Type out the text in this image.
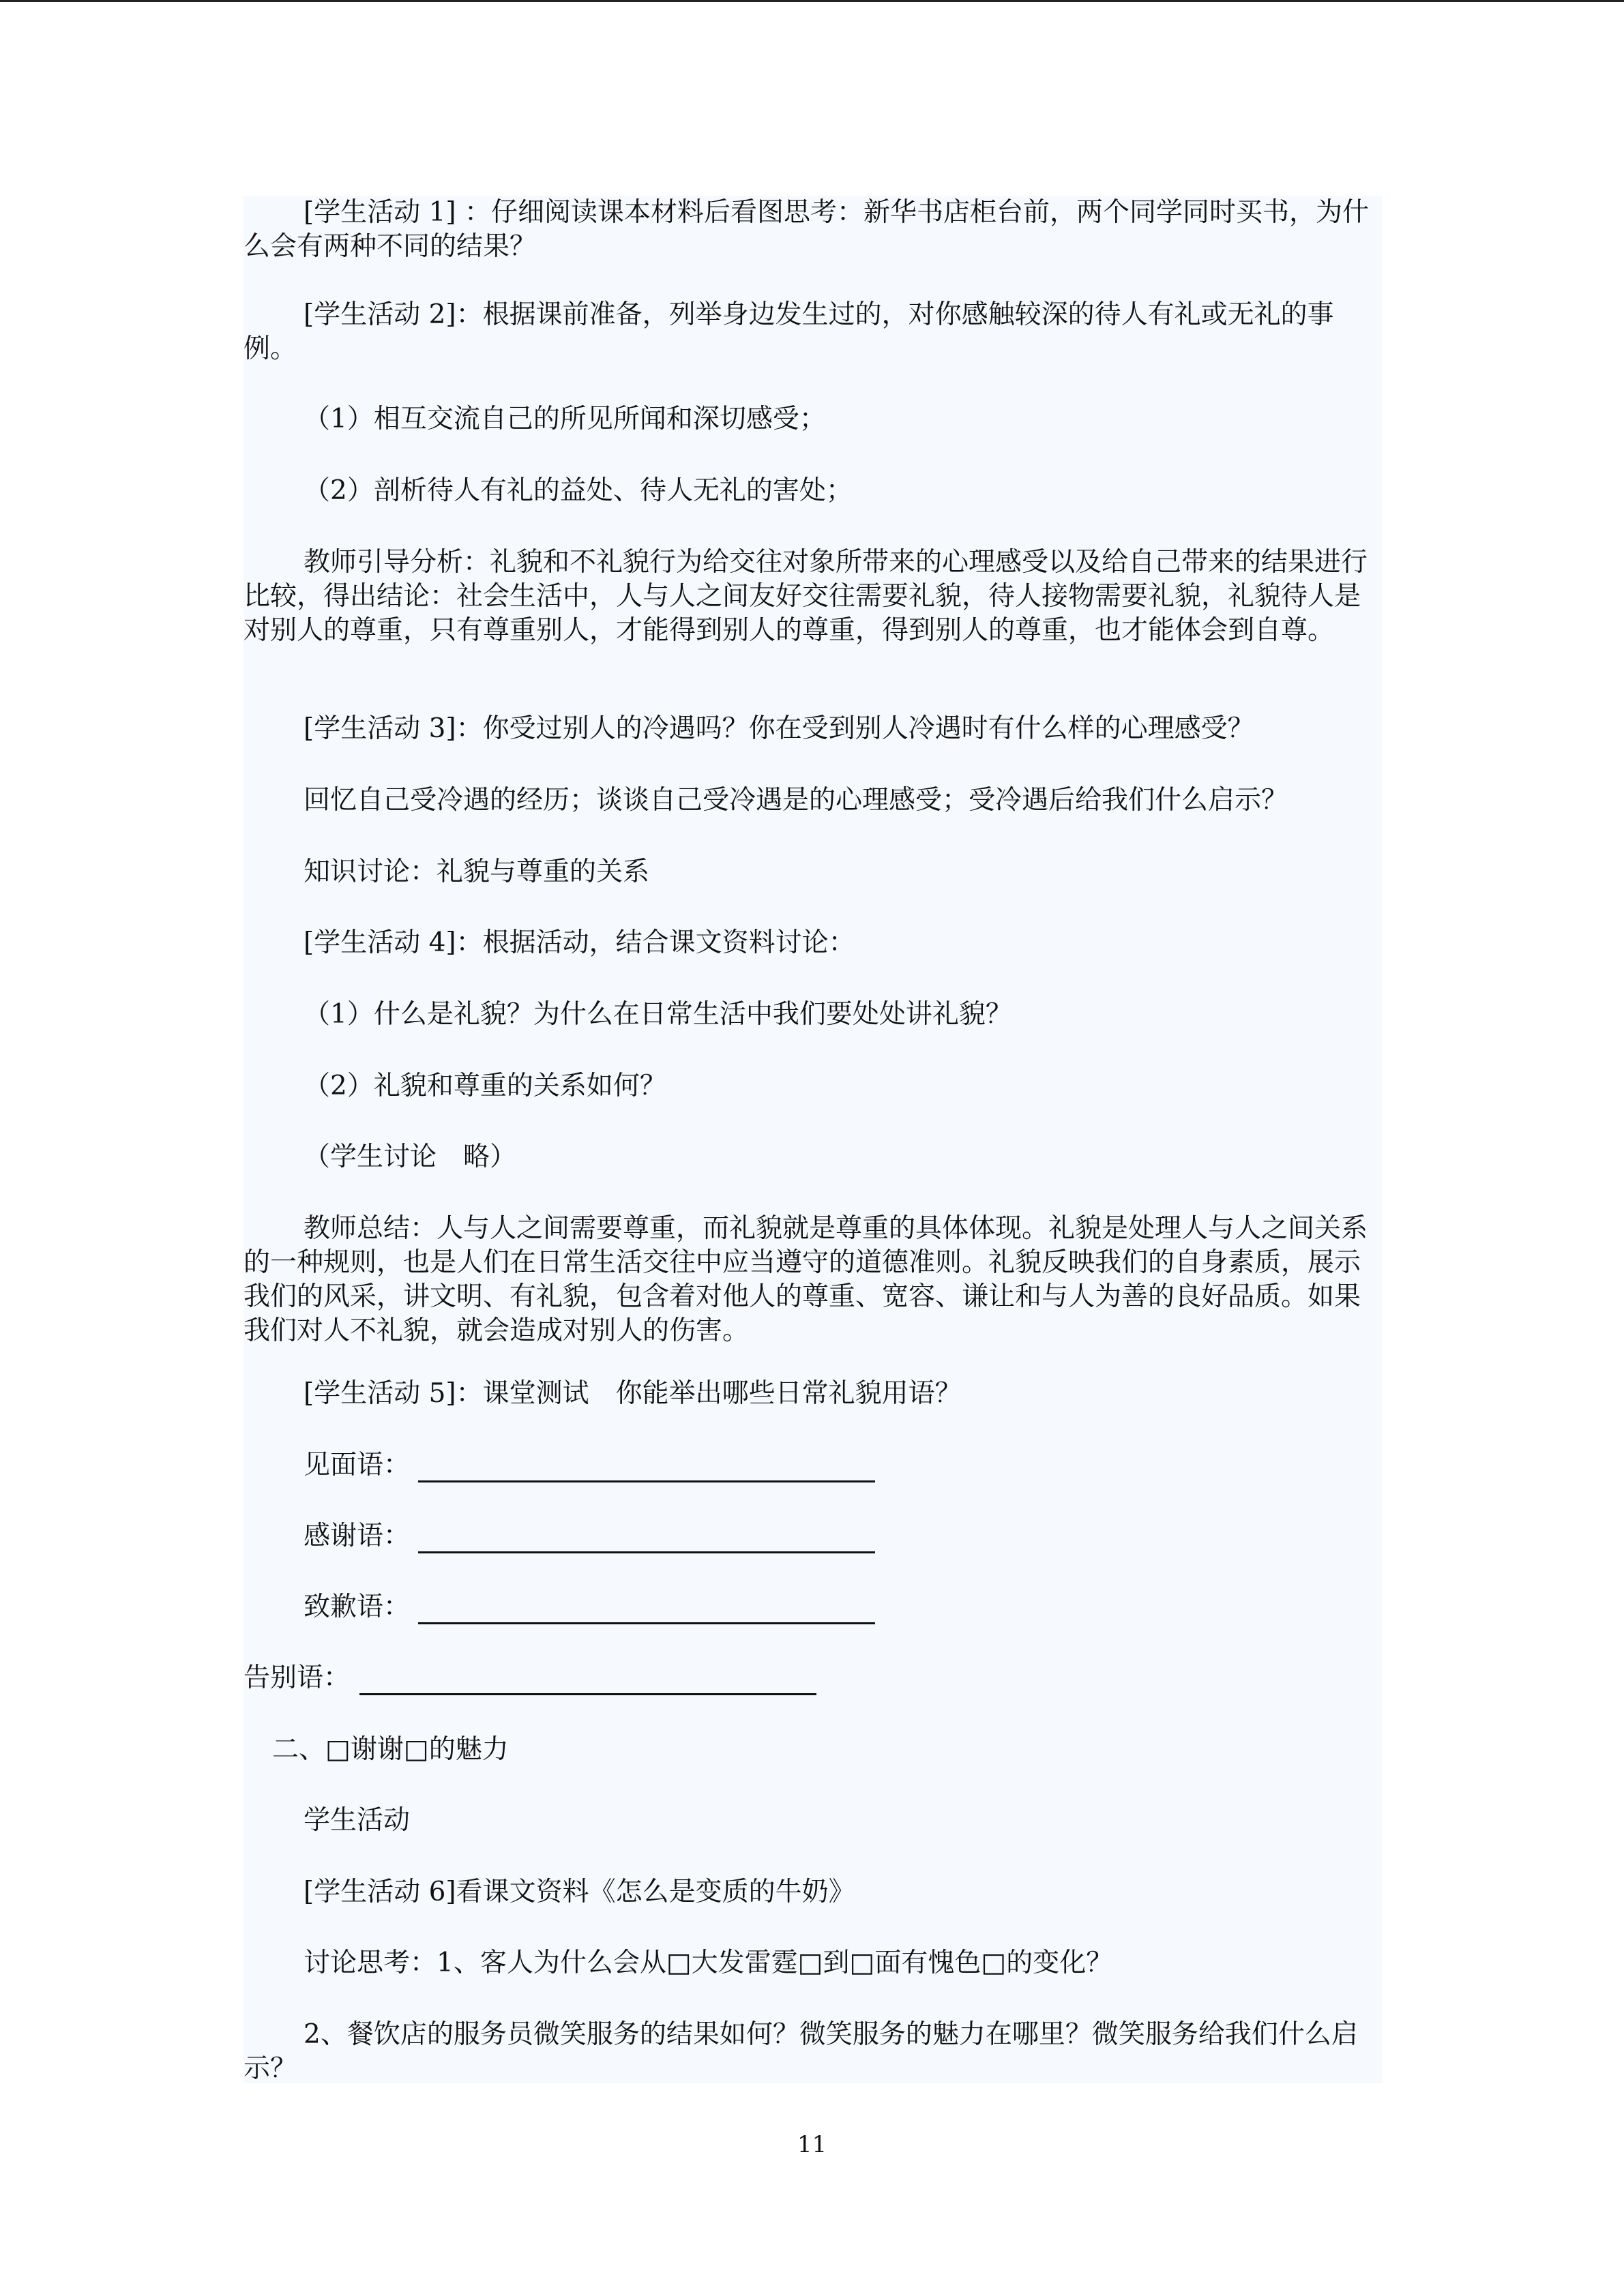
[学生活动 1] ：仔细阅读课本材料后看图思考：新华书店柜台前，两个同学同时买书，为什么会有两种不同的结果？

[学生活动 2]：根据课前准备，列举身边发生过的，对你感触较深的待人有礼或无礼的事例。

（1）相互交流自己的所见所闻和深切感受；

（2）剖析待人有礼的益处、待人无礼的害处；

教师引导分析：礼貌和不礼貌行为给交往对象所带来的心理感受以及给自己带来的结果进行比较，得出结论：社会生活中，人与人之间友好交往需要礼貌，待人接物需要礼貌，礼貌待人是对别人的尊重，只有尊重别人，才能得到别人的尊重，得到别人的尊重，也才能体会到自尊。

[学生活动 3]：你受过别人的冷遇吗？你在受到别人冷遇时有什么样的心理感受？

回忆自己受冷遇的经历；谈谈自己受冷遇是的心理感受；受冷遇后给我们什么启示？

知识讨论：礼貌与尊重的关系

[学生活动 4]：根据活动，结合课文资料讨论：

（1）什么是礼貌？为什么在日常生活中我们要处处讲礼貌？

（2）礼貌和尊重的关系如何？

（学生讨论　略）

教师总结：人与人之间需要尊重，而礼貌就是尊重的具体体现。礼貌是处理人与人之间关系的一种规则，也是人们在日常生活交往中应当遵守的道德准则。礼貌反映我们的自身素质，展示我们的风采，讲文明、有礼貌，包含着对他人的尊重、宽容、谦让和与人为善的良好品质。如果我们对人不礼貌，就会造成对别人的伤害。

[学生活动 5]：课堂测试　你能举出哪些日常礼貌用语？

见面语：

感谢语：

致歉语：

告别语：

二、□谢谢□的魅力

学生活动

[学生活动 6]看课文资料《怎么是变质的牛奶》

讨论思考：1、客人为什么会从□大发雷霆□到□面有愧色□的变化？

2、餐饮店的服务员微笑服务的结果如何？微笑服务的魅力在哪里？微笑服务给我们什么启示？

11
